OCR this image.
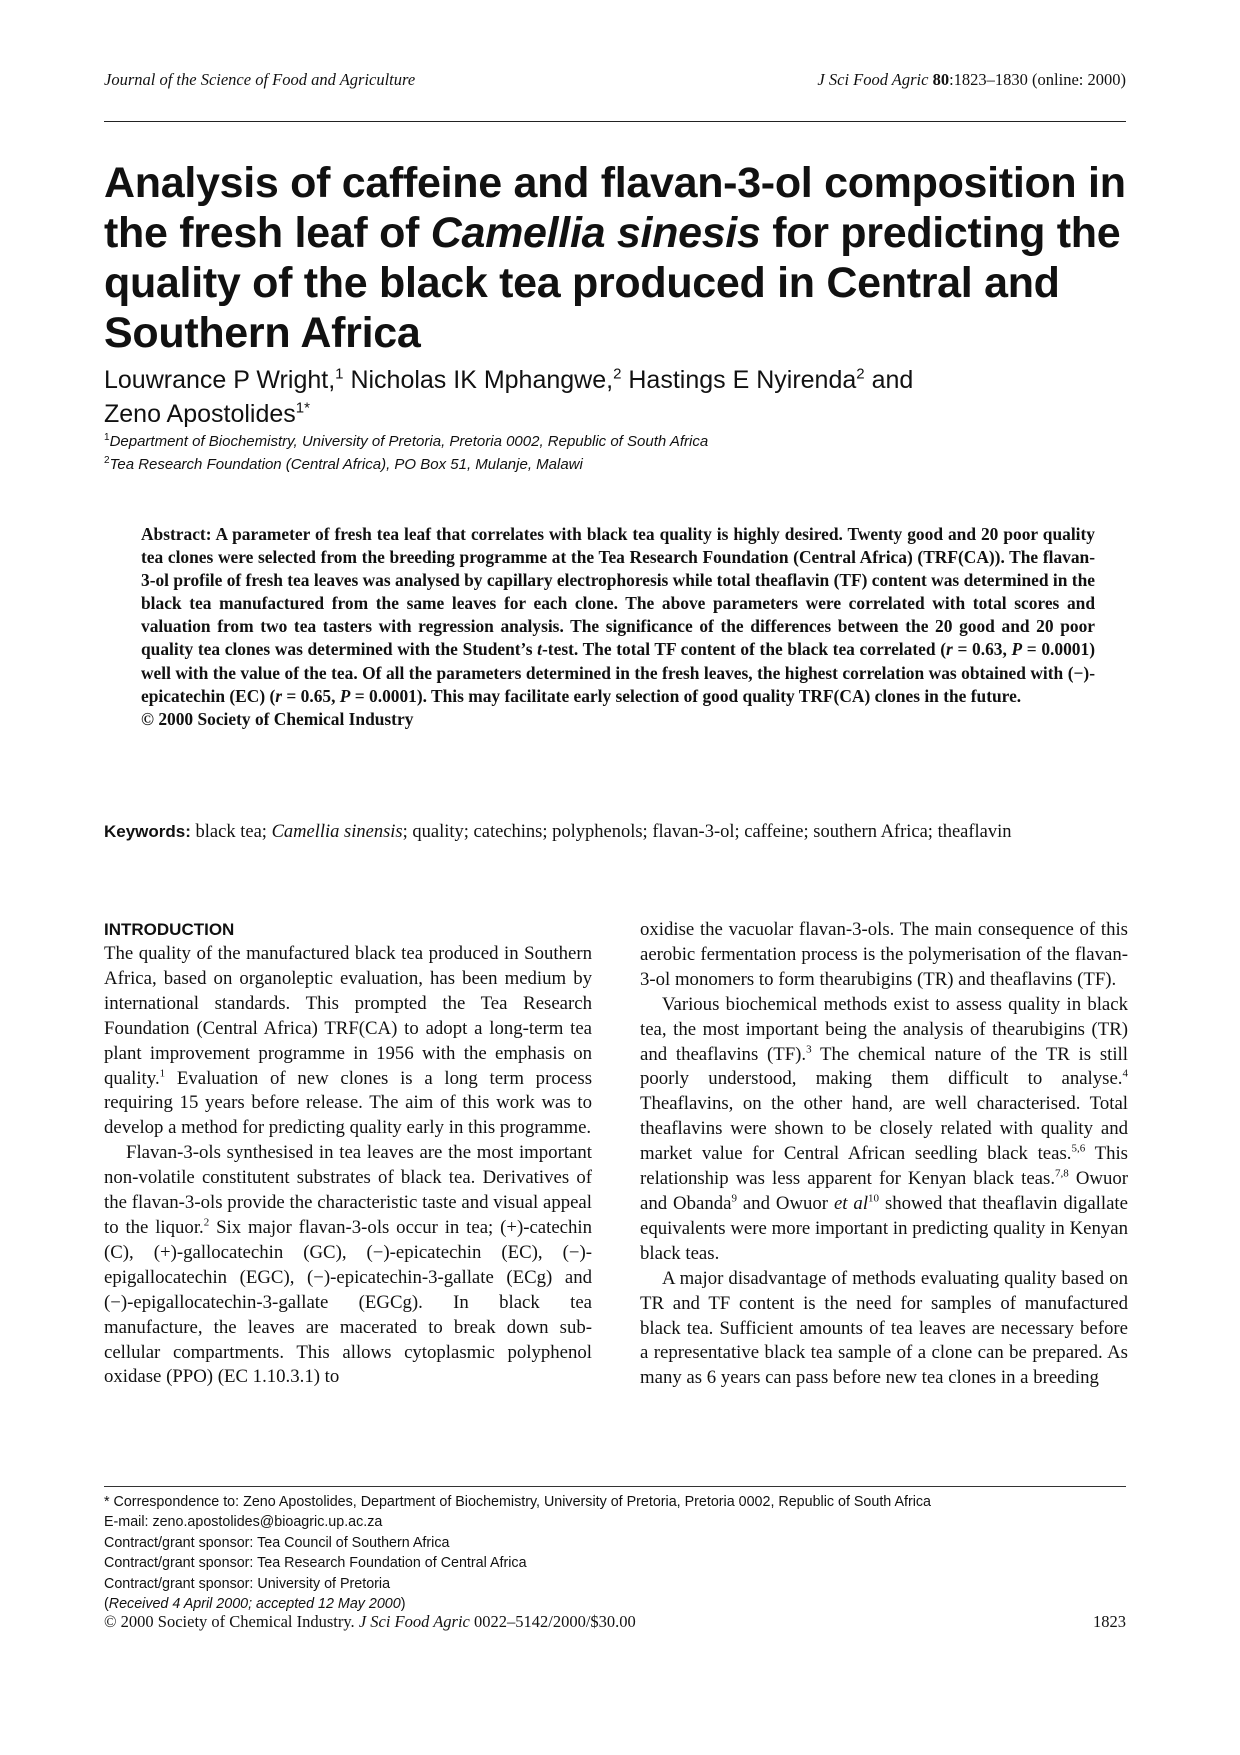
Journal of the Science of Food and Agriculture	J Sci Food Agric 80:1823–1830 (online: 2000)
Analysis of caffeine and flavan-3-ol composition in the fresh leaf of Camellia sinesis for predicting the quality of the black tea produced in Central and Southern Africa
Louwrance P Wright,$^1$ Nicholas IK Mphangwe,$^2$ Hastings E Nyirenda$^2$ and
Zeno Apostolides$^{1*}$
$^1$Department of Biochemistry, University of Pretoria, Pretoria 0002, Republic of South Africa
$^2$Tea Research Foundation (Central Africa), PO Box 51, Mulanje, Malawi
Abstract: A parameter of fresh tea leaf that correlates with black tea quality is highly desired. Twenty good and 20 poor quality tea clones were selected from the breeding programme at the Tea Research Foundation (Central Africa) (TRF(CA)). The flavan-3-ol profile of fresh tea leaves was analysed by capillary electrophoresis while total theaflavin (TF) content was determined in the black tea manufactured from the same leaves for each clone. The above parameters were correlated with total scores and valuation from two tea tasters with regression analysis. The significance of the differences between the 20 good and 20 poor quality tea clones was determined with the Student’s t-test. The total TF content of the black tea correlated (r = 0.63, P = 0.0001) well with the value of the tea. Of all the parameters determined in the fresh leaves, the highest correlation was obtained with (−)-epicatechin (EC) (r = 0.65, P = 0.0001). This may facilitate early selection of good quality TRF(CA) clones in the future.
© 2000 Society of Chemical Industry
Keywords: black tea; Camellia sinensis; quality; catechins; polyphenols; flavan-3-ol; caffeine; southern Africa; theaflavin
INTRODUCTION

The quality of the manufactured black tea produced in Southern Africa, based on organoleptic evaluation, has been medium by international standards. This prompted the Tea Research Foundation (Central Africa) TRF(CA) to adopt a long-term tea plant improvement programme in 1956 with the emphasis on quality.$^1$ Evaluation of new clones is a long term process requiring 15 years before release. The aim of this work was to develop a method for predicting quality early in this programme.

Flavan-3-ols synthesised in tea leaves are the most important non-volatile constitutent substrates of black tea. Derivatives of the flavan-3-ols provide the characteristic taste and visual appeal to the liquor.$^2$ Six major flavan-3-ols occur in tea; (+)-catechin (C), (+)-gallocatechin (GC), (−)-epicatechin (EC), (−)-epigallocatechin (EGC), (−)-epicatechin-3-gallate (ECg) and (−)-epigallocatechin-3-gallate (EGCg). In black tea manufacture, the leaves are macerated to break down sub-cellular compartments. This allows cytoplasmic polyphenol oxidase (PPO) (EC 1.10.3.1) to

oxidise the vacuolar flavan-3-ols. The main consequence of this aerobic fermentation process is the polymerisation of the flavan-3-ol monomers to form thearubigins (TR) and theaflavins (TF).

Various biochemical methods exist to assess quality in black tea, the most important being the analysis of thearubigins (TR) and theaflavins (TF).$^3$ The chemical nature of the TR is still poorly understood, making them difficult to analyse.$^4$ Theaflavins, on the other hand, are well characterised. Total theaflavins were shown to be closely related with quality and market value for Central African seedling black teas.$^{5,6}$ This relationship was less apparent for Kenyan black teas.$^{7,8}$ Owuor and Obanda$^9$ and Owuor et $al^{10}$ showed that theaflavin digallate equivalents were more important in predicting quality in Kenyan black teas.

A major disadvantage of methods evaluating quality based on TR and TF content is the need for samples of manufactured black tea. Sufficient amounts of tea leaves are necessary before a representative black tea sample of a clone can be prepared. As many as 6 years can pass before new tea clones in a breeding

* Correspondence to: Zeno Apostolides, Department of Biochemistry, University of Pretoria, Pretoria 0002, Republic of South Africa
E-mail: zeno.apostolides@bioagric.up.ac.za
Contract/grant sponsor: Tea Council of Southern Africa
Contract/grant sponsor: Tea Research Foundation of Central Africa
Contract/grant sponsor: University of Pretoria
(Received 4 April 2000; accepted 12 May 2000)
© 2000 Society of Chemical Industry. J Sci Food Agric 0022–5142/2000/$30.00	1823
